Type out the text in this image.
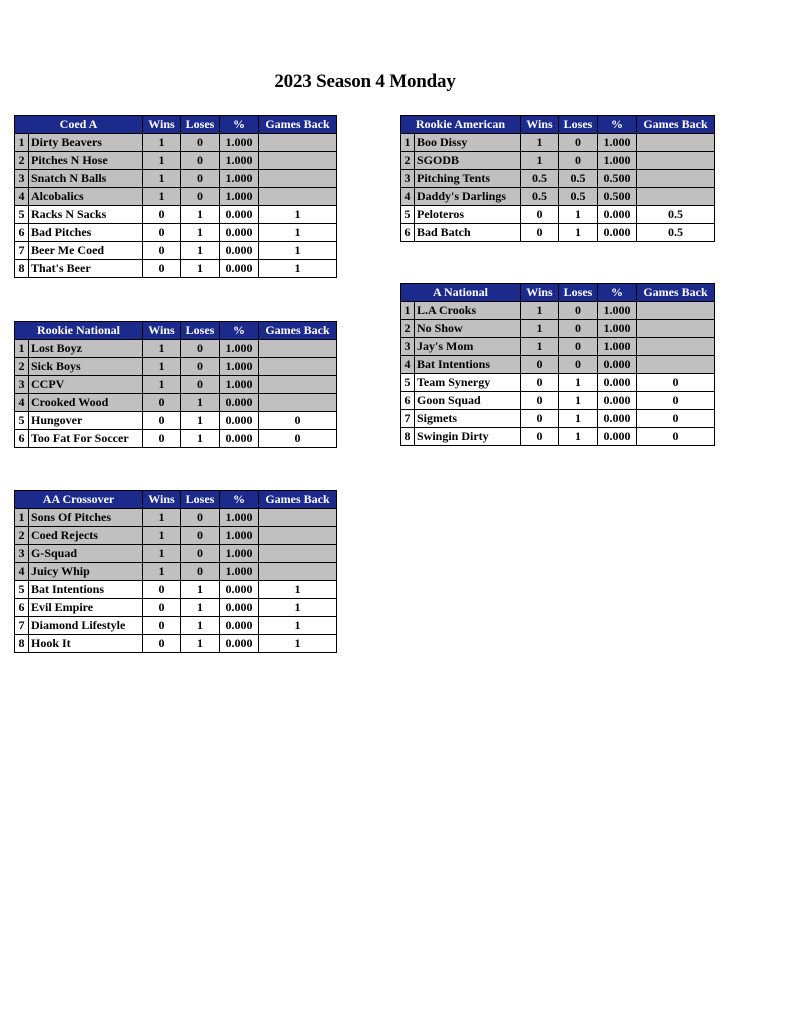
2023 Season 4 Monday
Coed A		Wins	Loses	%	Games Back
1	Dirty Beavers	1	0	1.000	
2	Pitches N Hose	1	0	1.000	
3	Snatch N Balls	1	0	1.000	
4	Alcobalics	1	0	1.000	
5	Racks N Sacks	0	1	0.000	1
6	Bad Pitches	0	1	0.000	1
7	Beer Me Coed	0	1	0.000	1
8	That's Beer	0	1	0.000	1
Rookie American		Wins	Loses	%	Games Back
1	Boo Dissy	1	0	1.000	
2	SGODB	1	0	1.000	
3	Pitching Tents	0.5	0.5	0.500	
4	Daddy's Darlings	0.5	0.5	0.500	
5	Peloteros	0	1	0.000	0.5
6	Bad Batch	0	1	0.000	0.5
A National		Wins	Loses	%	Games Back
1	L.A Crooks	1	0	1.000	
2	No Show	1	0	1.000	
3	Jay's Mom	1	0	1.000	
4	Bat Intentions	0	0	0.000	
5	Team Synergy	0	1	0.000	0
6	Goon Squad	0	1	0.000	0
7	Sigmets	0	1	0.000	0
8	Swingin Dirty	0	1	0.000	0
Rookie National		Wins	Loses	%	Games Back
1	Lost Boyz	1	0	1.000	
2	Sick Boys	1	0	1.000	
3	CCPV	1	0	1.000	
4	Crooked Wood	0	1	0.000	
5	Hungover	0	1	0.000	0
6	Too Fat For Soccer	0	1	0.000	0
AA Crossover		Wins	Loses	%	Games Back
1	Sons Of Pitches	1	0	1.000	
2	Coed Rejects	1	0	1.000	
3	G-Squad	1	0	1.000	
4	Juicy Whip	1	0	1.000	
5	Bat Intentions	0	1	0.000	1
6	Evil Empire	0	1	0.000	1
7	Diamond Lifestyle	0	1	0.000	1
8	Hook It	0	1	0.000	1
